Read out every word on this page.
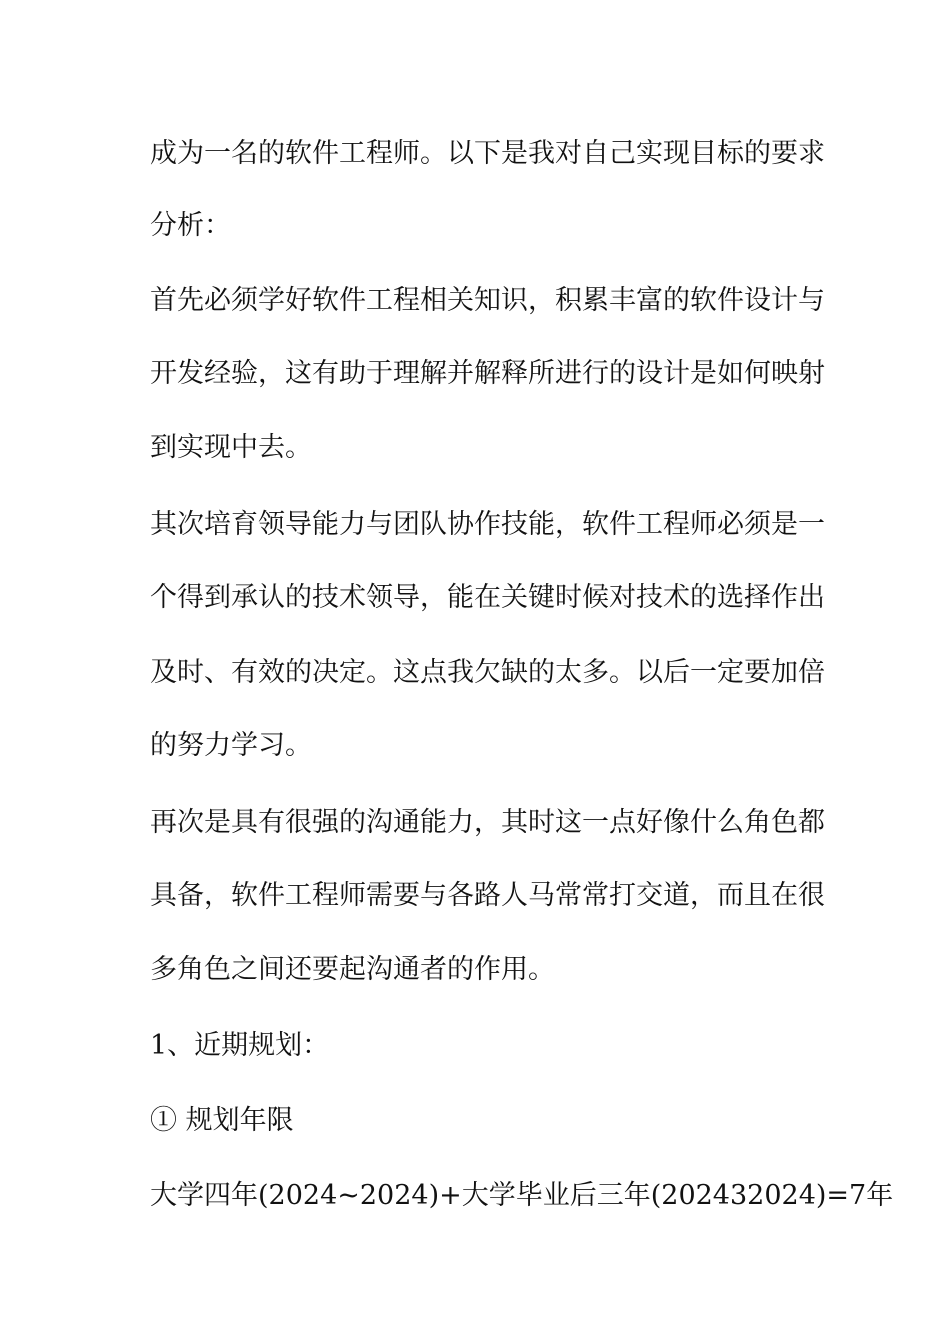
成为一名的软件工程师。以下是我对自己实现目标的要求
分析：
首先必须学好软件工程相关知识，积累丰富的软件设计与
开发经验，这有助于理解并解释所进行的设计是如何映射
到实现中去。
其次培育领导能力与团队协作技能，软件工程师必须是一
个得到承认的技术领导，能在关键时候对技术的选择作出
及时、有效的决定。这点我欠缺的太多。以后一定要加倍
的努力学习。
再次是具有很强的沟通能力，其时这一点好像什么角色都
具备，软件工程师需要与各路人马常常打交道，而且在很
多角色之间还要起沟通者的作用。
1、近期规划：
① 规划年限
大学四年(2024~2024)+大学毕业后三年(202432024)=7年
